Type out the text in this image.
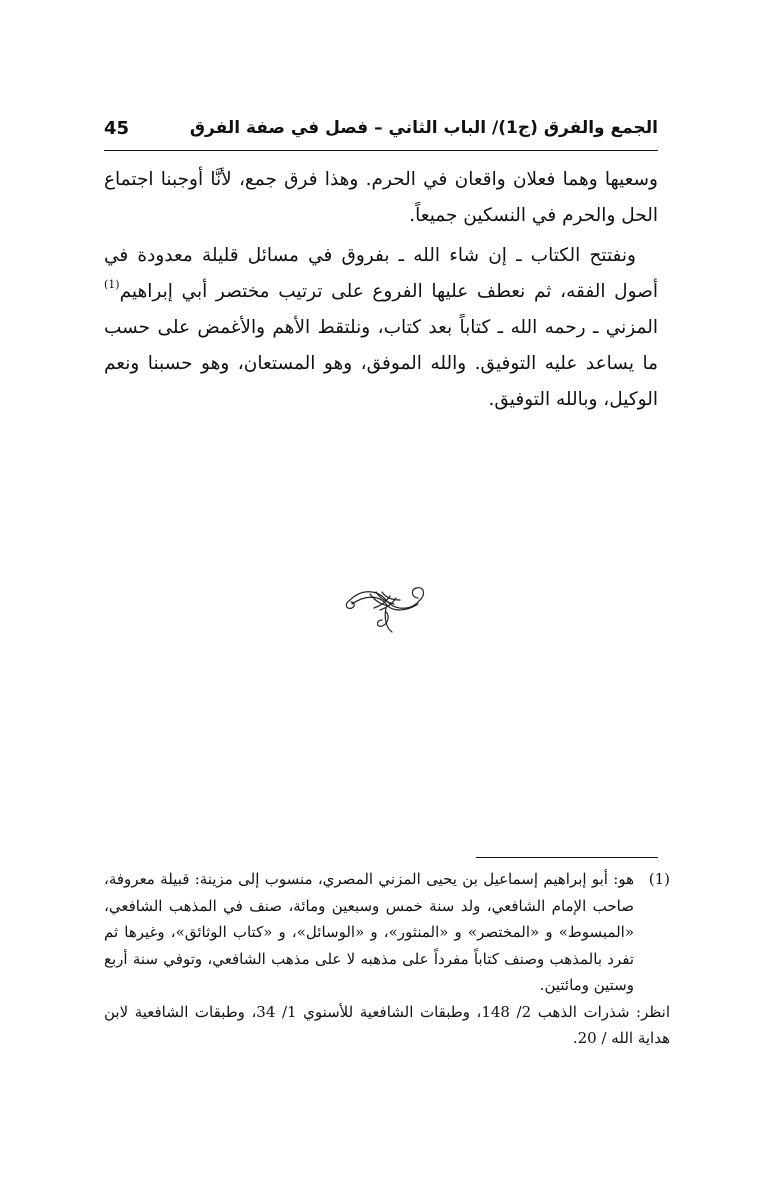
الجمع والفرق (ج1)/ الباب الثاني – فصل في صفة الفرق
45

وسعيها وهما فعلان واقعان في الحرم. وهذا فرق جمع، لأنَّا أوجبنا اجتماع الحل والحرم في النسكين جميعاً.

ونفتتح الكتاب ـ إن شاء الله ـ بفروق في مسائل قليلة معدودة في أصول الفقه، ثم نعطف عليها الفروع على ترتيب مختصر أبي إبراهيم$^{(1)}$ المزني ـ رحمه الله ـ كتاباً بعد كتاب، ونلتقط الأهم والأغمض على حسب ما يساعد عليه التوفيق. والله الموفق، وهو المستعان، وهو حسبنا ونعم الوكيل، وبالله التوفيق.

(1)
هو: أبو إبراهيم إسماعيل بن يحيى المزني المصري، منسوب إلى مزينة: قبيلة معروفة، صاحب الإمام الشافعي، ولد سنة خمس وسبعين ومائة، صنف في المذهب الشافعي، «المبسوط» و «المختصر» و «المنثور»، و «الوسائل»، و «كتاب الوثائق»، وغيرها ثم تفرد بالمذهب وصنف كتاباً مفرداً على مذهبه لا على مذهب الشافعي، وتوفي سنة أربع وستين ومائتين.
انظر: شذرات الذهب 2/ 148، وطبقات الشافعية للأسنوي 1/ 34، وطبقات الشافعية لابن هداية الله / 20.
